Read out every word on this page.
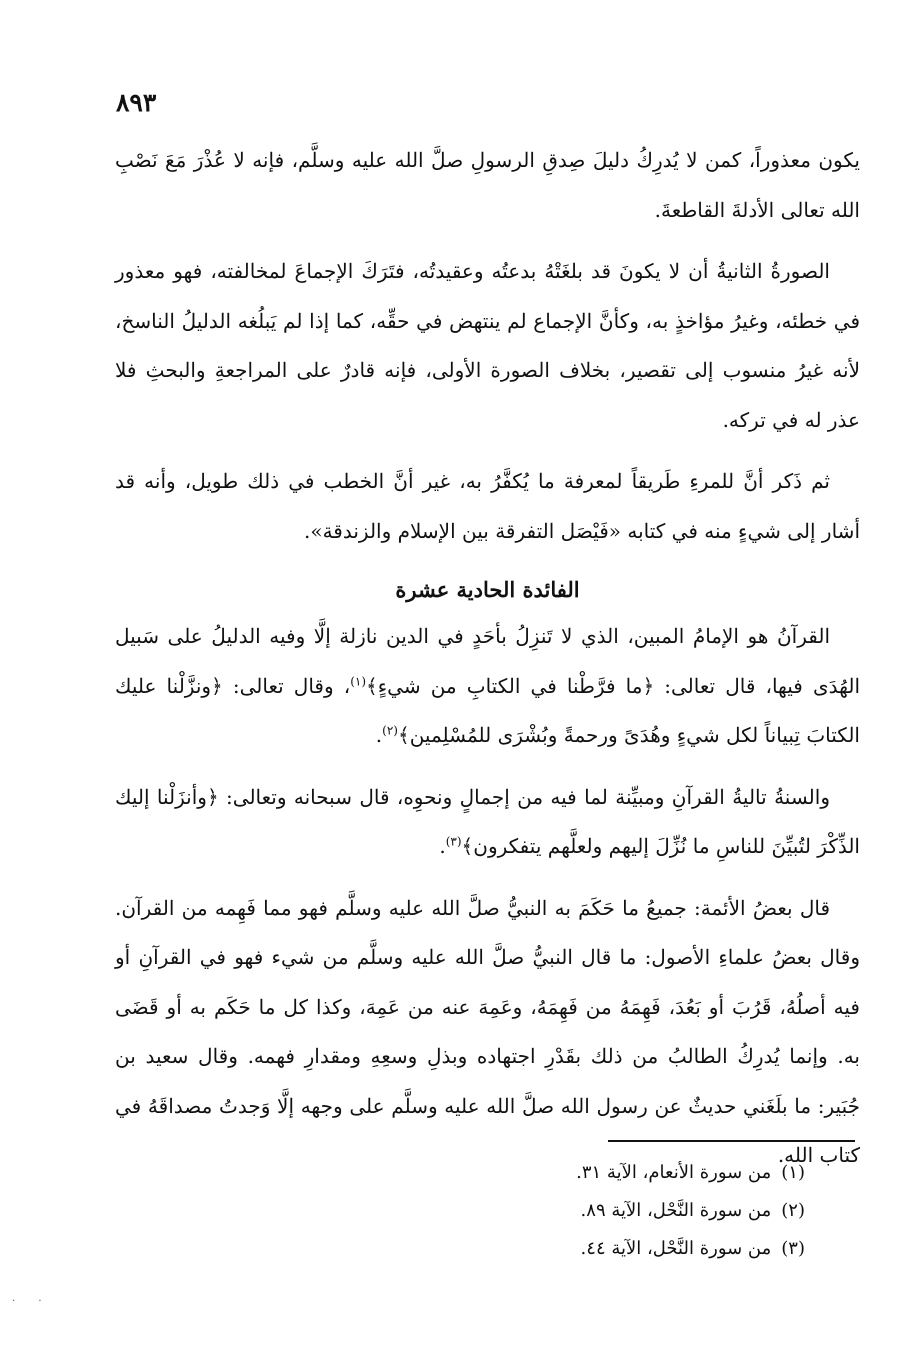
٨٩٣

يكون معذوراً، كمن لا يُدرِكُ دليلَ صِدقِ الرسولِ صلَّ الله عليه وسلَّم، فإنه لا عُذْرَ مَعَ نَصْبِ الله تعالى الأدلةَ القاطعةَ.

الصورةُ الثانيةُ أن لا يكونَ قد بلغَتْهُ بدعتُه وعقيدتُه، فتَرَكَ الإجماعَ لمخالفته، فهو معذور في خطئه، وغيرُ مؤاخذٍ به، وكأنَّ الإجماع لم ينتهض في حقِّه، كما إذا لم يَبلُغه الدليلُ الناسخ، لأنه غيرُ منسوب إلى تقصير، بخلاف الصورة الأولى، فإنه قادرٌ على المراجعةِ والبحثِ فلا عذر له في تركه.

ثم ذَكر أنَّ للمرءِ طَريقاً لمعرفة ما يُكفَّرُ به، غير أنَّ الخطب في ذلك طويل، وأنه قد أشار إلى شيءٍ منه في كتابه «فَيْصَل التفرقة بين الإسلام والزندقة».

الفائدة الحادية عشرة

القرآنُ هو الإمامُ المبين، الذي لا تَنزِلُ بأحَدٍ في الدين نازلة إلَّا وفيه الدليلُ على سَبيل الهُدَى فيها، قال تعالى: ﴿ما فرَّطْنا في الكتابِ من شيءٍ﴾$^{(١)}$، وقال تعالى: ﴿ونزَّلْنا عليك الكتابَ تِبياناً لكل شيءٍ وهُدَىً ورحمةً وبُشْرَى للمُسْلِمين﴾$^{(٢)}$.

والسنةُ تاليةُ القرآنِ ومبيِّنة لما فيه من إجمالٍ ونحوِه، قال سبحانه وتعالى: ﴿وأنزَلْنا إليك الذِّكْرَ لتُبيِّنَ للناسِ ما نُزِّلَ إليهم ولعلَّهم يتفكرون﴾$^{(٣)}$.

قال بعضُ الأئمة: جميعُ ما حَكَمَ به النبيُّ صلَّ الله عليه وسلَّم فهو مما فَهِمه من القرآن. وقال بعضُ علماءِ الأصول: ما قال النبيُّ صلَّ الله عليه وسلَّم من شيء فهو في القرآنِ أو فيه أصلُهُ، قَرُبَ أو بَعُدَ، فَهِمَهُ من فَهِمَهُ، وعَمِهَ عنه من عَمِهَ، وكذا كل ما حَكَم به أو قَضَى به. وإنما يُدرِكُ الطالبُ من ذلك بقَدْرِ اجتهاده وبذلِ وسعِهِ ومقدارِ فهمه. وقال سعيد بن جُبَير: ما بلَغَني حديثٌ عن رسول الله صلَّ الله عليه وسلَّم على وجهه إلَّا وَجدتُ مصداقَهُ في كتاب الله.

(١)من سورة الأنعام، الآية ٣١.
(٢)من سورة النَّحْل، الآية ٨٩.
(٣)من سورة النَّحْل، الآية ٤٤.
· ·
